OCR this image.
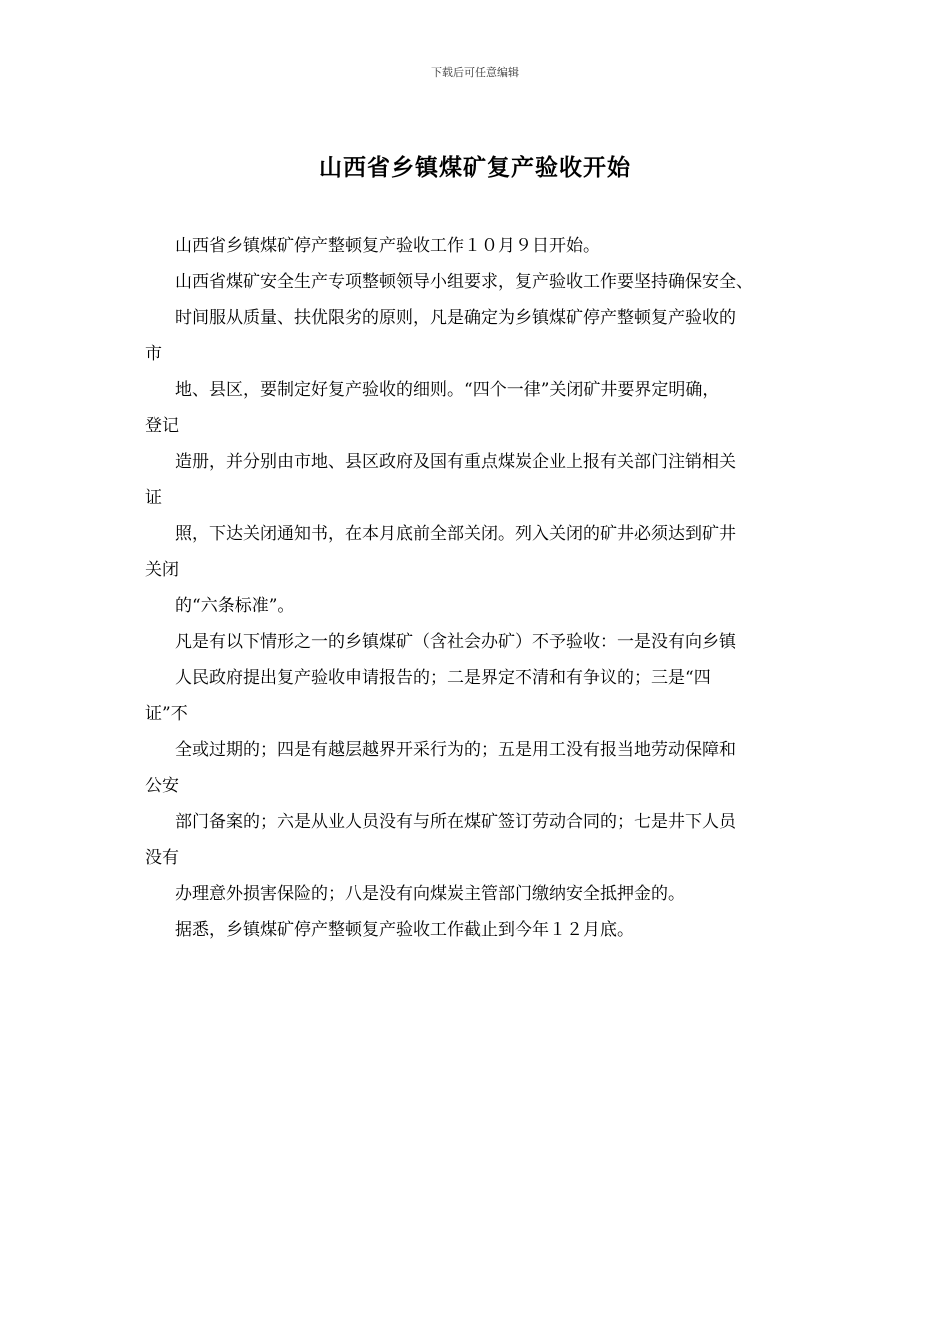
下载后可任意编辑
山西省乡镇煤矿复产验收开始
山西省乡镇煤矿停产整顿复产验收工作１０月９日开始。
山西省煤矿安全生产专项整顿领导小组要求，复产验收工作要坚持确保安全、
时间服从质量、扶优限劣的原则，凡是确定为乡镇煤矿停产整顿复产验收的
市
地、县区，要制定好复产验收的细则。“四个一律”关闭矿井要界定明确，
登记
造册，并分别由市地、县区政府及国有重点煤炭企业上报有关部门注销相关
证
照，下达关闭通知书，在本月底前全部关闭。列入关闭的矿井必须达到矿井
关闭
的“六条标准”。
凡是有以下情形之一的乡镇煤矿（含社会办矿）不予验收：一是没有向乡镇
人民政府提出复产验收申请报告的；二是界定不清和有争议的；三是“四
证”不
全或过期的；四是有越层越界开采行为的；五是用工没有报当地劳动保障和
公安
部门备案的；六是从业人员没有与所在煤矿签订劳动合同的；七是井下人员
没有
办理意外损害保险的；八是没有向煤炭主管部门缴纳安全抵押金的。
据悉，乡镇煤矿停产整顿复产验收工作截止到今年１２月底。
